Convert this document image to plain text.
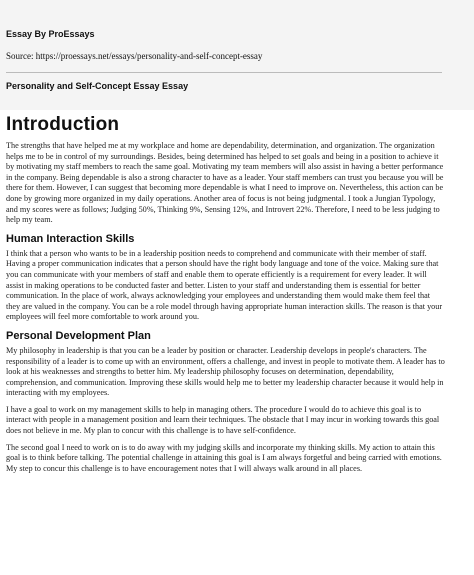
Essay By ProEssays
Source: https://proessays.net/essays/personality-and-self-concept-essay
Personality and Self-Concept Essay Essay
Introduction

The strengths that have helped me at my workplace and home are dependability, determination, and organization. The organization helps me to be in control of my surroundings. Besides, being determined has helped to set goals and being in a position to achieve it by motivating my staff members to reach the same goal. Motivating my team members will also assist in having a better performance in the company. Being dependable is also a strong character to have as a leader. Your staff members can trust you because you will be there for them. However, I can suggest that becoming more dependable is what I need to improve on. Nevertheless, this action can be done by growing more organized in my daily operations. Another area of focus is not being judgmental. I took a Jungian Typology, and my scores were as follows; Judging 50%, Thinking 9%, Sensing 12%, and Introvert 22%. Therefore, I need to be less judging to help my team.

Human Interaction Skills

I think that a person who wants to be in a leadership position needs to comprehend and communicate with their member of staff. Having a proper communication indicates that a person should have the right body language and tone of the voice. Making sure that you can communicate with your members of staff and enable them to operate efficiently is a requirement for every leader. It will assist in making operations to be conducted faster and better. Listen to your staff and understanding them is essential for better communication. In the place of work, always acknowledging your employees and understanding them would make them feel that they are valued in the company. You can be a role model through having appropriate human interaction skills. The reason is that your employees will feel more comfortable to work around you.

Personal Development Plan

My philosophy in leadership is that you can be a leader by position or character. Leadership develops in people's characters. The responsibility of a leader is to come up with an environment, offers a challenge, and invest in people to motivate them. A leader has to look at his weaknesses and strengths to better him. My leadership philosophy focuses on determination, dependability, comprehension, and communication. Improving these skills would help me to better my leadership character because it would help in interacting with my employees.

I have a goal to work on my management skills to help in managing others. The procedure I would do to achieve this goal is to interact with people in a management position and learn their techniques. The obstacle that I may incur in working towards this goal does not believe in me. My plan to concur with this challenge is to have self-confidence.

The second goal I need to work on is to do away with my judging skills and incorporate my thinking skills. My action to attain this goal is to think before talking. The potential challenge in attaining this goal is I am always forgetful and being carried with emotions. My step to concur this challenge is to have encouragement notes that I will always walk around in all places.
